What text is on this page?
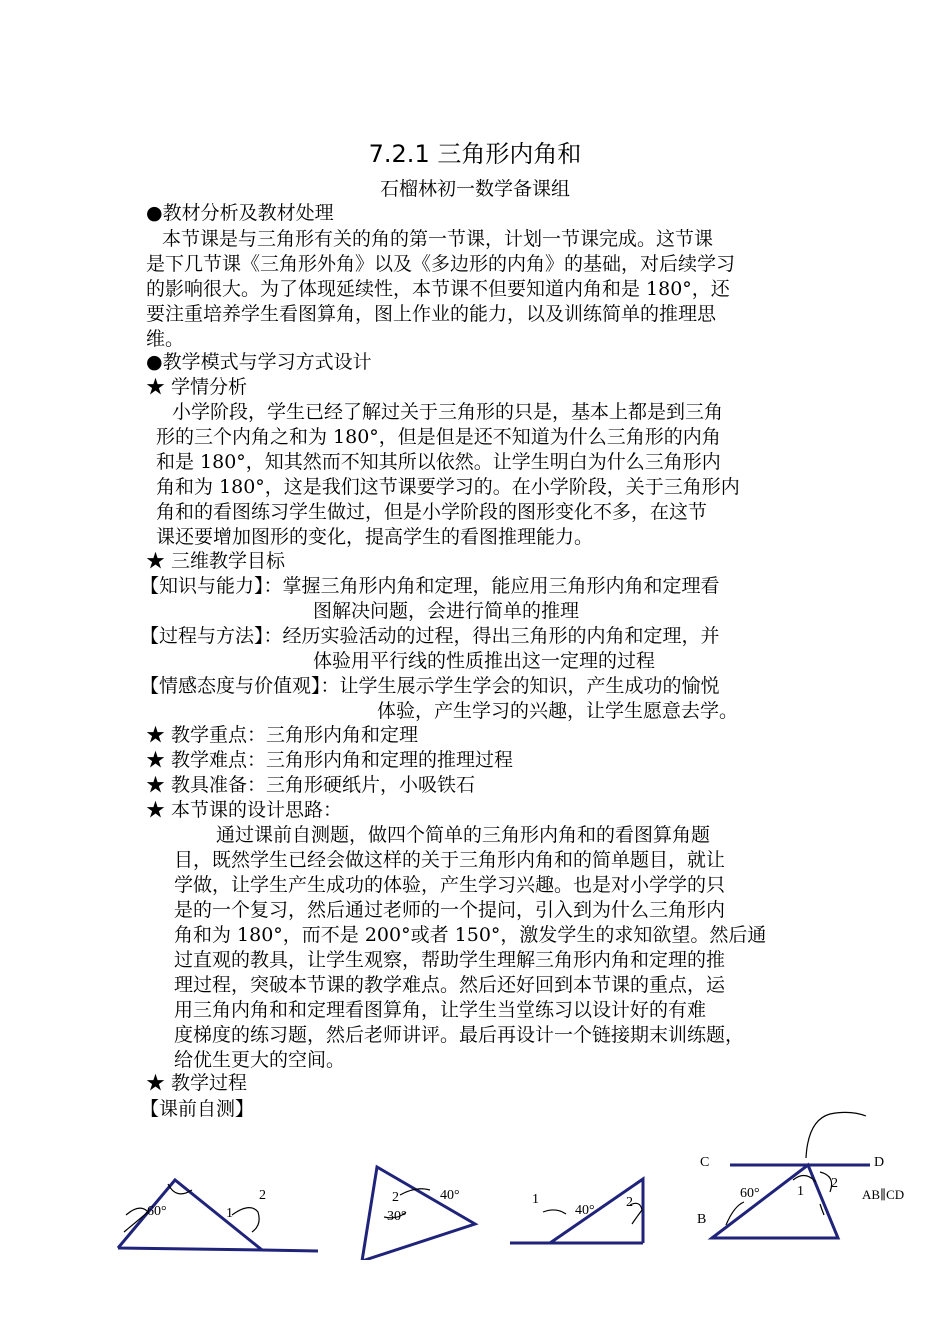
7.2.1 三角形内角和
石榴林初一数学备课组
●教材分析及教材处理
本节课是与三角形有关的角的第一节课，计划一节课完成。这节课
是下几节课《三角形外角》以及《多边形的内角》的基础，对后续学习
的影响很大。为了体现延续性，本节课不但要知道内角和是 180°，还
要注重培养学生看图算角，图上作业的能力，以及训练简单的推理思
维。
●教学模式与学习方式设计
★ 学情分析
小学阶段，学生已经了解过关于三角形的只是，基本上都是到三角
形的三个内角之和为 180°，但是但是还不知道为什么三角形的内角
和是 180°，知其然而不知其所以依然。让学生明白为什么三角形内
角和为 180°，这是我们这节课要学习的。在小学阶段，关于三角形内
角和的看图练习学生做过，但是小学阶段的图形变化不多，在这节
课还要增加图形的变化，提高学生的看图推理能力。
★ 三维教学目标
【知识与能力】：掌握三角形内角和定理，能应用三角形内角和定理看
图解决问题，会进行简单的推理
【过程与方法】：经历实验活动的过程，得出三角形的内角和定理，并
体验用平行线的性质推出这一定理的过程
【情感态度与价值观】：让学生展示学生学会的知识，产生成功的愉悦
体验，产生学习的兴趣，让学生愿意去学。
★ 教学重点：三角形内角和定理
★ 教学难点：三角形内角和定理的推理过程
★ 教具准备：三角形硬纸片，小吸铁石
★ 本节课的设计思路：
通过课前自测题，做四个简单的三角形内角和的看图算角题
目，既然学生已经会做这样的关于三角形内角和的简单题目，就让
学做，让学生产生成功的体验，产生学习兴趣。也是对小学学的只
是的一个复习，然后通过老师的一个提问，引入到为什么三角形内
角和为 180°，而不是 200°或者 150°，激发学生的求知欲望。然后通
过直观的教具，让学生观察，帮助学生理解三角形内角和定理的推
理过程，突破本节课的教学难点。然后还好回到本节课的重点，运
用三角内角和和定理看图算角，让学生当堂练习以设计好的有难
度梯度的练习题，然后老师讲评。最后再设计一个链接期末训练题，
给优生更大的空间。
★ 教学过程
【课前自测】
60°	1
2	2	40°
30°
1
40°
2
C	D
B
60°	1
2
AB∥CD
